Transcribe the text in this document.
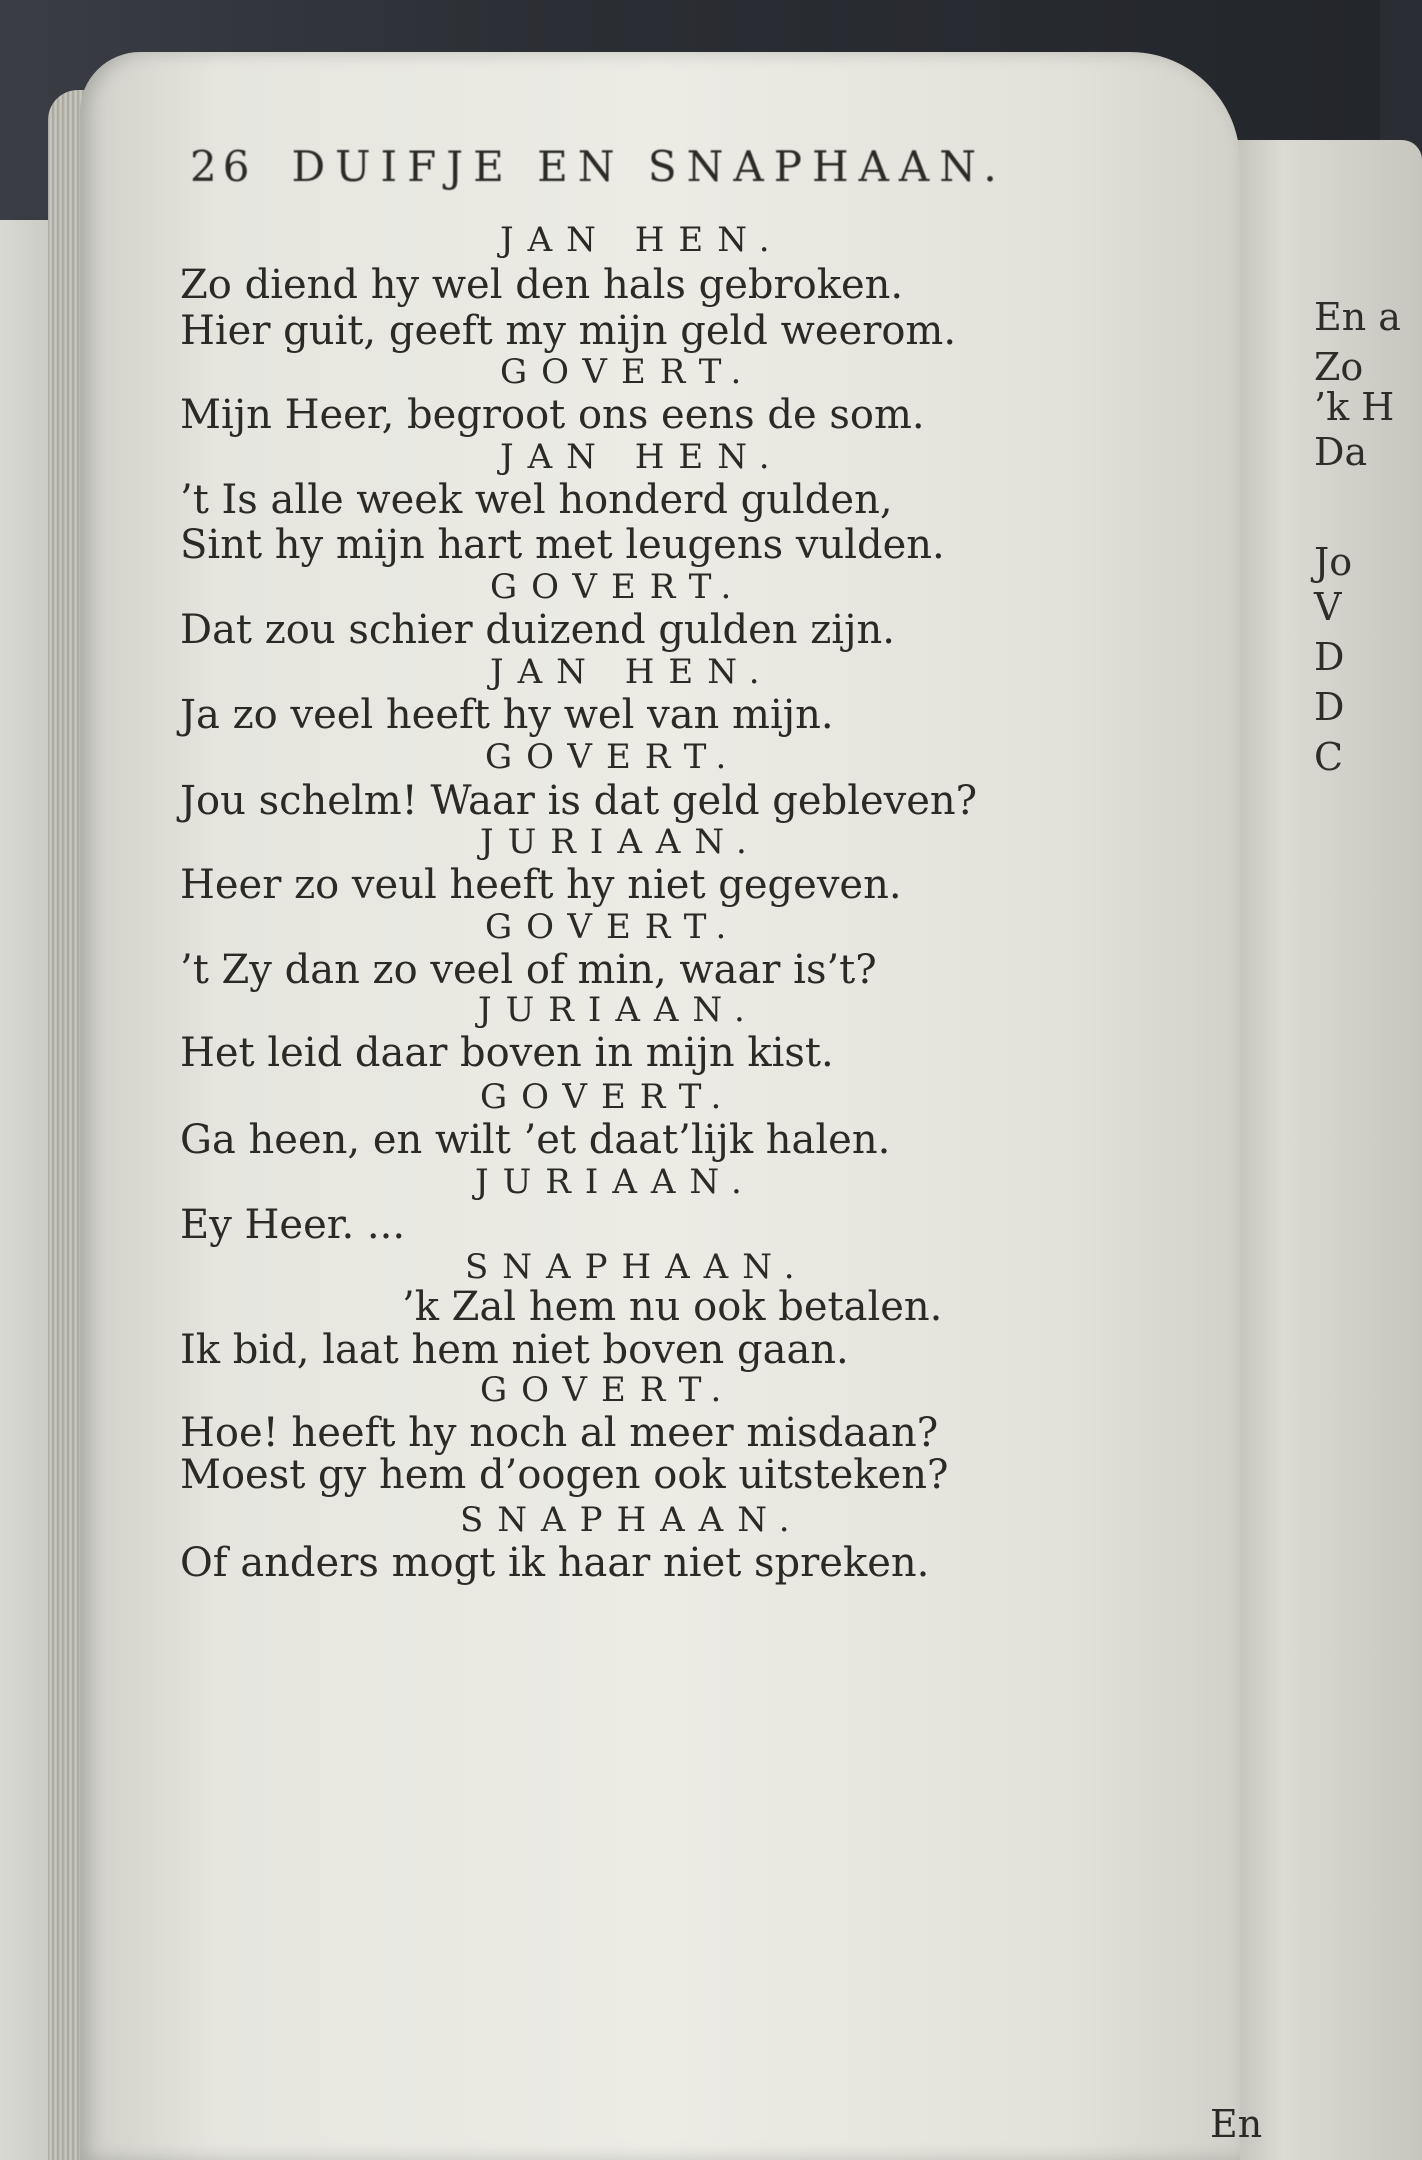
En a
Zo
’k H
Da
Jo
V
D
D
C
26 DUIFJE EN SNAPHAAN.
JAN HEN.
Zo diend hy wel den hals gebroken.
Hier guit, geeft my mijn geld weerom.
GOVERT.
Mijn Heer, begroot ons eens de som.
JAN HEN.
’t Is alle week wel honderd gulden,
Sint hy mijn hart met leugens vulden.
GOVERT.
Dat zou schier duizend gulden zijn.
JAN HEN.
Ja zo veel heeft hy wel van mijn.
GOVERT.
Jou schelm! Waar is dat geld gebleven?
JURIAAN.
Heer zo veul heeft hy niet gegeven.
GOVERT.
’t Zy dan zo veel of min, waar is’t?
JURIAAN.
Het leid daar boven in mijn kist.
GOVERT.
Ga heen, en wilt ’et daat’lijk halen.
JURIAAN.
Ey Heer. ...
SNAPHAAN.
’k Zal hem nu ook betalen.
Ik bid, laat hem niet boven gaan.
GOVERT.
Hoe! heeft hy noch al meer misdaan?
Moest gy hem d’oogen ook uitsteken?
SNAPHAAN.
Of anders mogt ik haar niet spreken.
En
